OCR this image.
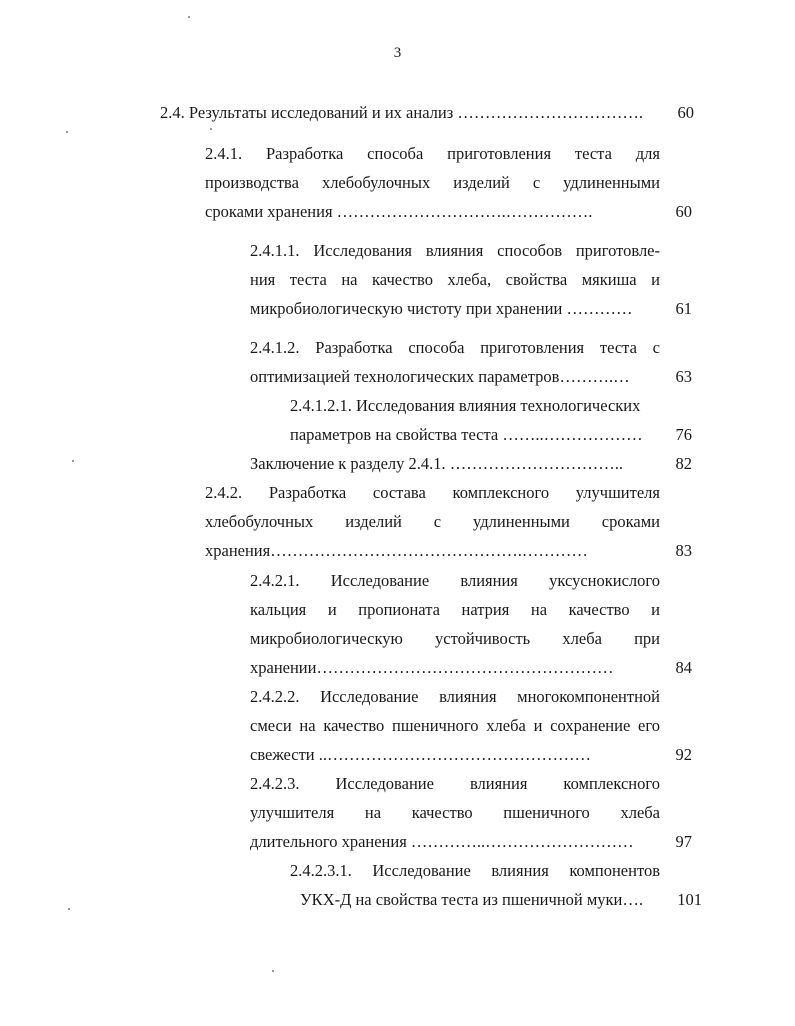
3
2.4. Результаты исследований и их анализ …………………………….	60
2.4.1. Разработка способа приготовления теста для
производства хлебобулочных изделий с удлиненными
сроками хранения ………………………….…………….	60
2.4.1.1. Исследования влияния способов приготовле-
ния теста на качество хлеба, свойства мякиша и
микробиологическую чистоту при хранении …………	61
2.4.1.2. Разработка способа приготовления теста с
оптимизацией технологических параметров……….…	63
2.4.1.2.1. Исследования влияния технологических
параметров на свойства теста ……..………………	76
Заключение к разделу 2.4.1. …………………………..	82
2.4.2. Разработка состава комплексного улучшителя
хлебобулочных изделий с удлиненными сроками
хранения……………………………………….…………	83
2.4.2.1. Исследование влияния уксуснокислого
кальция и пропионата натрия на качество и
микробиологическую устойчивость хлеба при
хранении………………………………………………	84
2.4.2.2. Исследование влияния многокомпонентной
смеси на качество пшеничного хлеба и сохранение его
свежести ..…………………………………………	92
2.4.2.3. Исследование влияния комплексного
улучшителя на качество пшеничного хлеба
длительного хранения …………..………………………	97
2.4.2.3.1. Исследование влияния компонентов
УКХ-Д на свойства теста из пшеничной муки….	101
